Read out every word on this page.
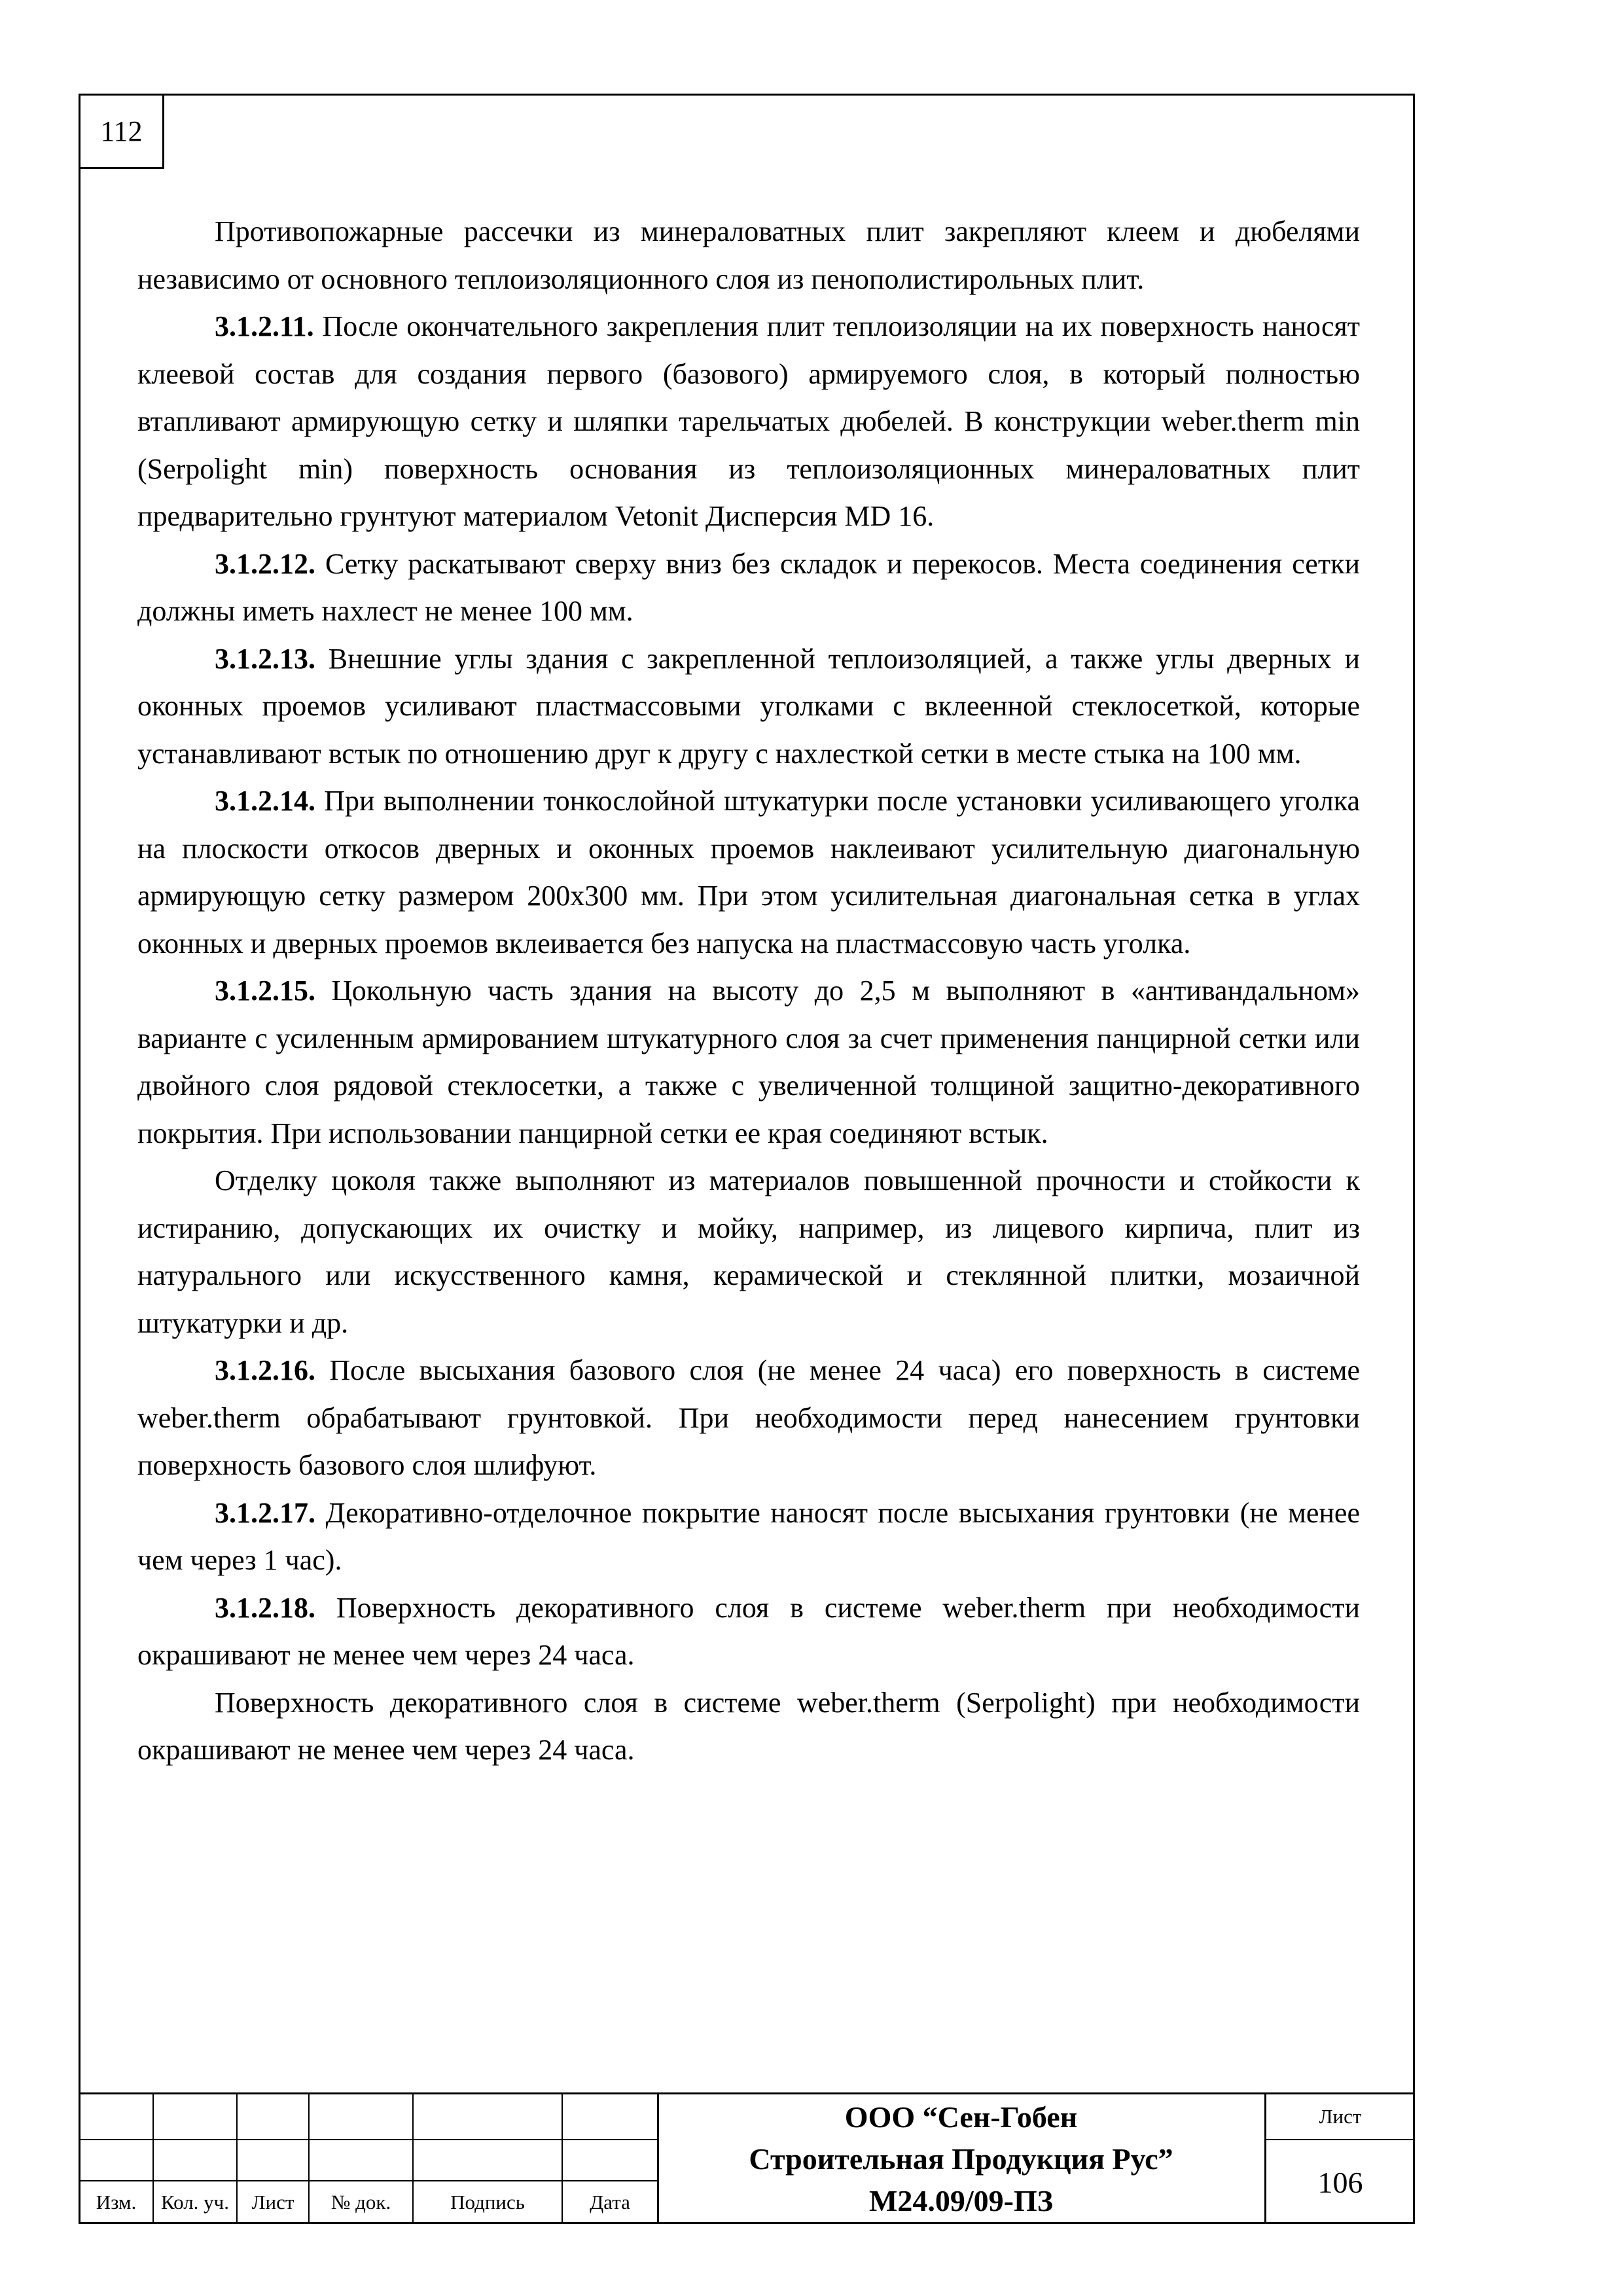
112

Противопожарные рассечки из минераловатных плит закрепляют клеем и дюбелями независимо от основного теплоизоляционного слоя из пенополистирольных плит.

3.1.2.11. После окончательного закрепления плит теплоизоляции на их поверхность наносят клеевой состав для создания первого (базового) армируемого слоя, в который полностью втапливают армирующую сетку и шляпки тарельчатых дюбелей. В конструкции weber.therm min (Serpolight min) поверхность основания из теплоизоляционных минераловатных плит предварительно грунтуют материалом Vetonit Дисперсия MD 16.

3.1.2.12. Сетку раскатывают сверху вниз без складок и перекосов. Места соединения сетки должны иметь нахлест не менее 100 мм.

3.1.2.13. Внешние углы здания с закрепленной теплоизоляцией, а также углы дверных и оконных проемов усиливают пластмассовыми уголками с вклеенной стеклосеткой, которые устанавливают встык по отношению друг к другу с нахлесткой сетки в месте стыка на 100 мм.

3.1.2.14. При выполнении тонкослойной штукатурки после установки усиливающего уголка на плоскости откосов дверных и оконных проемов наклеивают усилительную диагональную армирующую сетку размером 200х300 мм. При этом усилительная диагональная сетка в углах оконных и дверных проемов вклеивается без напуска на пластмассовую часть уголка.

3.1.2.15. Цокольную часть здания на высоту до 2,5 м выполняют в «антивандальном» варианте с усиленным армированием штукатурного слоя за счет применения панцирной сетки или двойного слоя рядовой стеклосетки, а также с увеличенной толщиной защитно-декоративного покрытия. При использовании панцирной сетки ее края соединяют встык.

Отделку цоколя также выполняют из материалов повышенной прочности и стойкости к истиранию, допускающих их очистку и мойку, например, из лицевого кирпича, плит из натурального или искусственного камня, керамической и стеклянной плитки, мозаичной штукатурки и др.

3.1.2.16. После высыхания базового слоя (не менее 24 часа) его поверхность в системе weber.therm обрабатывают грунтовкой. При необходимости перед нанесением грунтовки поверхность базового слоя шлифуют.

3.1.2.17. Декоративно-отделочное покрытие наносят после высыхания грунтовки (не менее чем через 1 час).

3.1.2.18. Поверхность декоративного слоя в системе weber.therm при необходимости окрашивают не менее чем через 24 часа.

Поверхность декоративного слоя в системе weber.therm (Serpolight) при необходимости окрашивают не менее чем через 24 часа.

Изм.	Кол. уч.	Лист	№ док.	Подпись	Дата
ООО “Сен-Гобен
Строительная Продукция Рус”
М24.09/09-ПЗ
Лист
106
